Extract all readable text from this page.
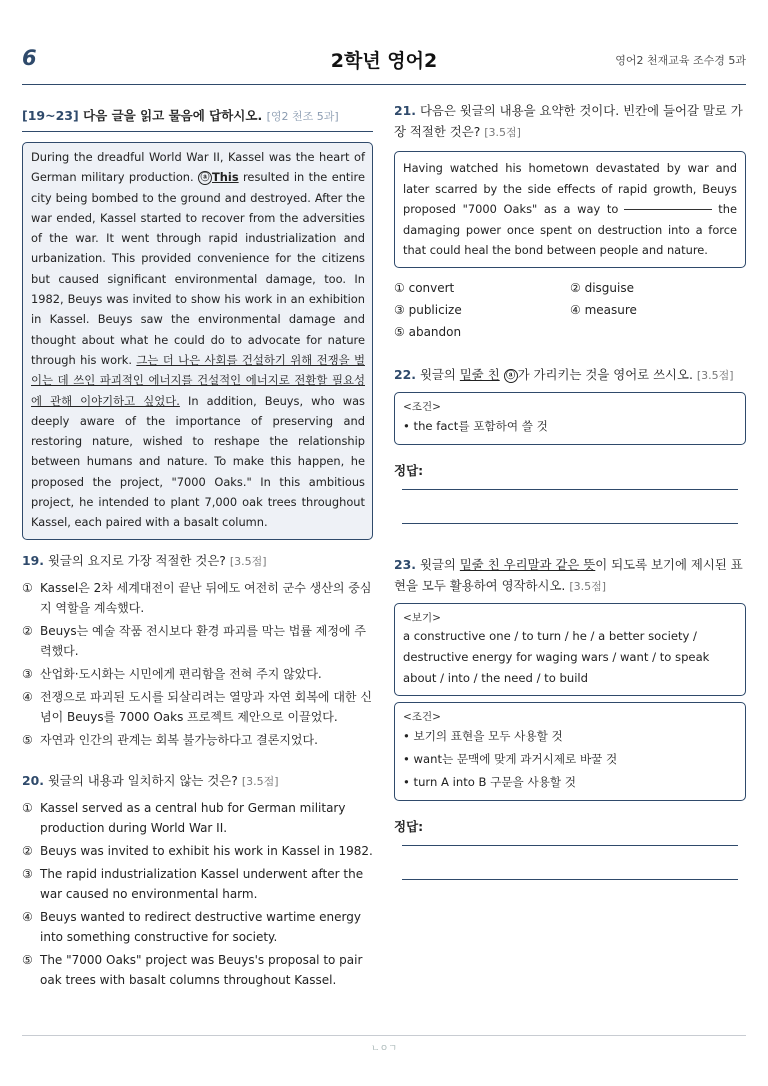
6	2학년 영어2	영어2 천재교육 조수경 5과
[19~23] 다음 글을 읽고 물음에 답하시오. [영2 천조 5과]
During the dreadful World War II, Kassel was the heart of German military production. ⓐ This resulted in the entire city being bombed to the ground and destroyed. After the war ended, Kassel started to recover from the adversities of the war. It went through rapid industrialization and urbanization. This provided convenience for the citizens but caused significant environmental damage, too. In 1982, Beuys was invited to show his work in an exhibition in Kassel. Beuys saw the environmental damage and thought about what he could do to advocate for nature through his work. 그는 더 나은 사회를 건설하기 위해 전쟁을 벌이는 데 쓰인 파괴적인 에너지를 건설적인 에너지로 전환할 필요성에 관해 이야기하고 싶었다. In addition, Beuys, who was deeply aware of the importance of preserving and restoring nature, wished to reshape the relationship between humans and nature. To make this happen, he proposed the project, "7000 Oaks." In this ambitious project, he intended to plant 7,000 oak trees throughout Kassel, each paired with a basalt column.
19. 윗글의 요지로 가장 적절한 것은? [3.5점]
① Kassel은 2차 세계대전이 끝난 뒤에도 여전히 군수 생산의 중심지 역할을 계속했다.
② Beuys는 예술 작품 전시보다 환경 파괴를 막는 법률 제정에 주력했다.
③ 산업화·도시화는 시민에게 편리함을 전혀 주지 않았다.
④ 전쟁으로 파괴된 도시를 되살리려는 열망과 자연 회복에 대한 신념이 Beuys를 7000 Oaks 프로젝트 제안으로 이끌었다.
⑤ 자연과 인간의 관계는 회복 불가능하다고 결론지었다.
20. 윗글의 내용과 일치하지 않는 것은? [3.5점]
① Kassel served as a central hub for German military production during World War II.
② Beuys was invited to exhibit his work in Kassel in 1982.
③ The rapid industrialization Kassel underwent after the war caused no environmental harm.
④ Beuys wanted to redirect destructive wartime energy into something constructive for society.
⑤ The "7000 Oaks" project was Beuys's proposal to pair oak trees with basalt columns throughout Kassel.
21. 다음은 윗글의 내용을 요약한 것이다. 빈칸에 들어갈 말로 가장 적절한 것은? [3.5점]
Having watched his hometown devastated by war and later scarred by the side effects of rapid growth, Beuys proposed "7000 Oaks" as a way to	the damaging power once spent on destruction into a force that could heal the bond between people and nature.
① convert	② disguise
③ publicize	④ measure
⑤ abandon
22. 윗글의 밑줄 친 ⓐ 가 가리키는 것을 영어로 쓰시오. [3.5점]
<조건>
• the fact를 포함하여 쓸 것
정답:
23. 윗글의 밑줄 친 우리말과 같은 뜻이 되도록 보기에 제시된 표현을 모두 활용하여 영작하시오. [3.5점]
<보기>
a constructive one / to turn / he / a better society / destructive energy for waging wars / want / to speak about / into / the need / to build
<조건>
• 보기의 표현을 모두 사용할 것
• want는 문맥에 맞게 과거시제로 바꿀 것
• turn A into B 구문을 사용할 것
정답:
ㄴㅇㄱ
